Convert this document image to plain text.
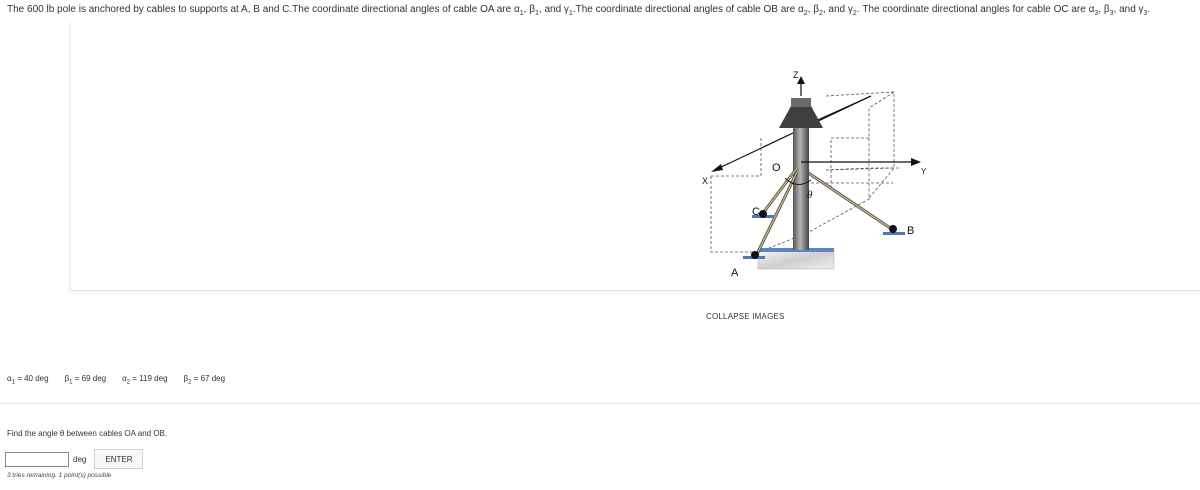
The 600 lb pole is anchored by cables to supports at A, B and C.The coordinate directional angles of cable OA are $\alpha_1$, $\beta_1$, and $\gamma_1.The$ coordinate directional angles of cable OB are $\alpha_2$, $\beta_2$, and $\gamma_2$. The coordinate directional angles for cable OC are $\alpha_3$, $\beta_3$, and $\gamma_3$.
Z
Y
X
O
A
B
C
θ
COLLAPSE IMAGES
$\alpha_1 = 40$ deg $\beta_1 = 69$ deg $\alpha_2 = 119$ deg $\beta_2 = 67$ deg
Find the angle θ between cables OA and OB.
deg	ENTER
3 tries remaining. 1 point(s) possible
